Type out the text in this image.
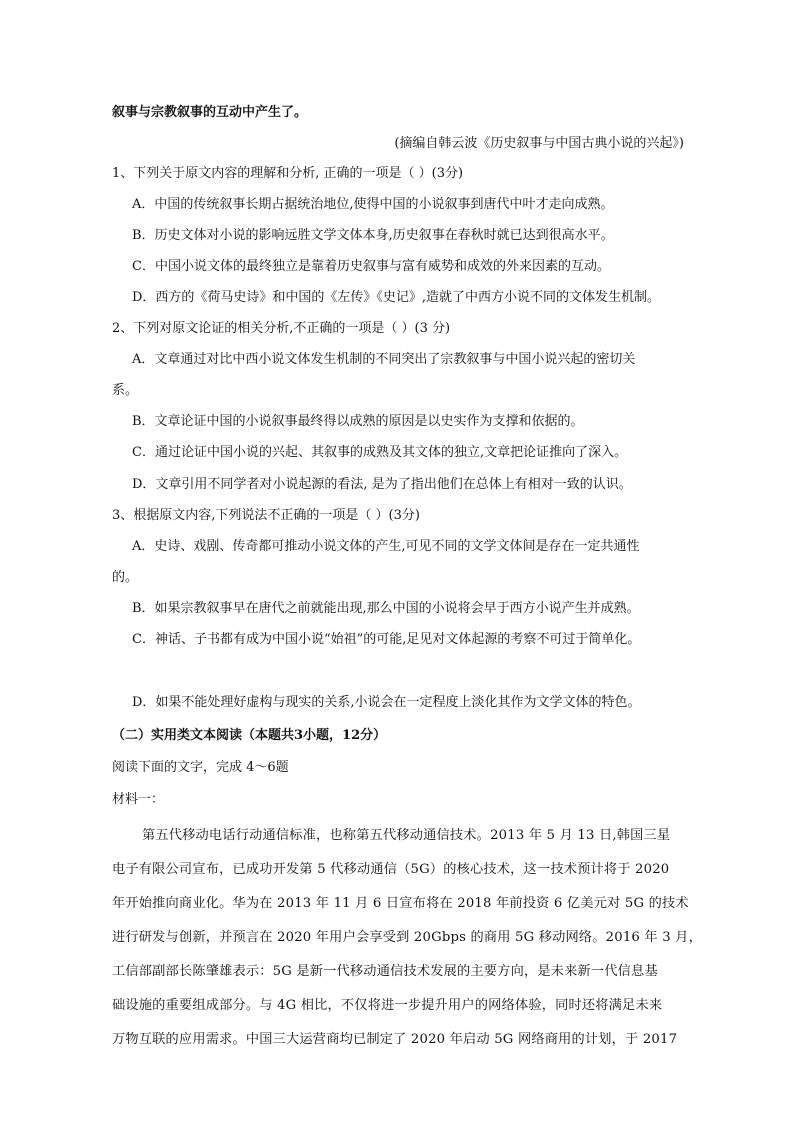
叙事与宗教叙事的互动中产生了。
(摘编自韩云波《历史叙事与中国古典小说的兴起》)
1、下列关于原文内容的理解和分析, 正确的一项是（ ）(3分)
A．中国的传统叙事长期占据统治地位,使得中国的小说叙事到唐代中叶才走向成熟。
B．历史文体对小说的影响远胜文学文体本身,历史叙事在春秋时就已达到很高水平。
C．中国小说文体的最终独立是靠着历史叙事与富有威势和成效的外来因素的互动。
D．西方的《荷马史诗》和中国的《左传》《史记》,造就了中西方小说不同的文体发生机制。
2、下列对原文论证的相关分析,不正确的一项是（ ）(3 分)
A．文章通过对比中西小说文体发生机制的不同突出了宗教叙事与中国小说兴起的密切关
系。
B．文章论证中国的小说叙事最终得以成熟的原因是以史实作为支撑和依据的。
C．通过论证中国小说的兴起、其叙事的成熟及其文体的独立,文章把论证推向了深入。
D．文章引用不同学者对小说起源的看法, 是为了指出他们在总体上有相对一致的认识。
3、根据原文内容,下列说法不正确的一项是（ ）(3分)
A．史诗、戏剧、传奇都可推动小说文体的产生,可见不同的文学文体间是存在一定共通性
的。
B．如果宗教叙事早在唐代之前就能出现,那么中国的小说将会早于西方小说产生并成熟。
C．神话、子书都有成为中国小说“始祖”的可能,足见对文体起源的考察不可过于简单化。
D．如果不能处理好虚构与现实的关系,小说会在一定程度上淡化其作为文学文体的特色。
（二）实用类文本阅读（本题共3小题，12分）
阅读下面的文字，完成 4～6题
材料一：
第五代移动电话行动通信标准，也称第五代移动通信技术。2013 年 5 月 13 日,韩国三星
电子有限公司宣布，已成功开发第 5 代移动通信（5G）的核心技术，这一技术预计将于 2020
年开始推向商业化。华为在 2013 年 11 月 6 日宣布将在 2018 年前投资 6 亿美元对 5G 的技术
进行研发与创新，并预言在 2020 年用户会享受到 20Gbps 的商用 5G 移动网络。2016 年 3 月，
工信部副部长陈肇雄表示：5G 是新一代移动通信技术发展的主要方向，是未来新一代信息基
础设施的重要组成部分。与 4G 相比，不仅将进一步提升用户的网络体验，同时还将满足未来
万物互联的应用需求。中国三大运营商均已制定了 2020 年启动 5G 网络商用的计划，于 2017
